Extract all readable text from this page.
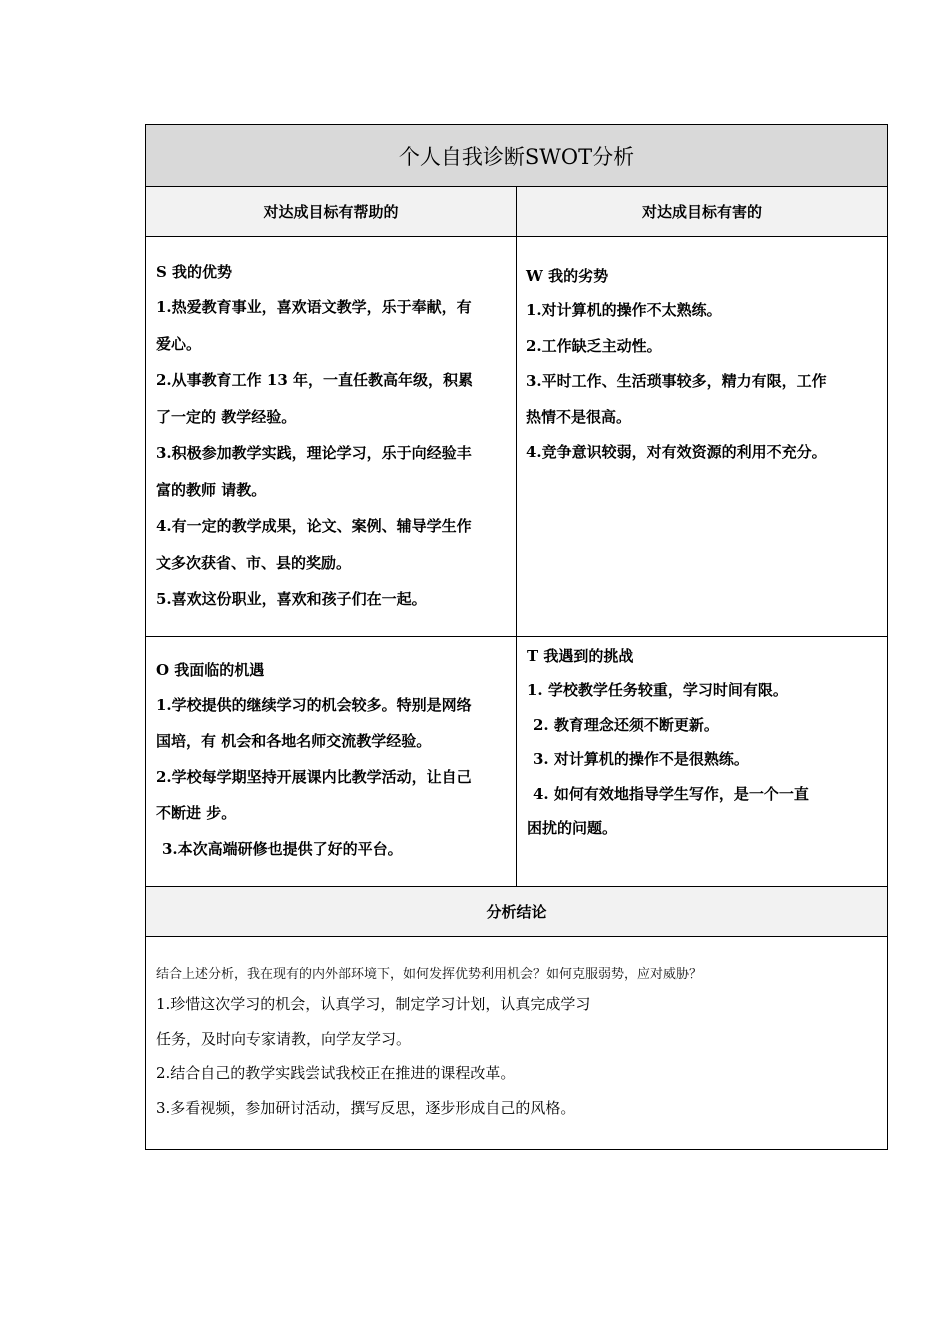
个人自我诊断SWOT分析
对达成目标有帮助的	对达成目标有害的
S 我的优势

1.热爱教育事业，喜欢语文教学，乐于奉献，有

爱心。

2.从事教育工作 13 年，一直任教高年级，积累

了一定的 教学经验。

3.积极参加教学实践，理论学习，乐于向经验丰

富的教师 请教。

4.有一定的教学成果，论文、案例、辅导学生作

文多次获省、市、县的奖励。

5.喜欢这份职业，喜欢和孩子们在一起。

W 我的劣势

1.对计算机的操作不太熟练。

2.工作缺乏主动性。

3.平时工作、生活琐事较多，精力有限，工作

热情不是很高。

4.竞争意识较弱，对有效资源的利用不充分。

O 我面临的机遇

1.学校提供的继续学习的机会较多。特别是网络

国培，有 机会和各地名师交流教学经验。

2.学校每学期坚持开展课内比教学活动，让自己

不断进 步。

3.本次高端研修也提供了好的平台。

T 我遇到的挑战

1. 学校教学任务较重，学习时间有限。

2. 教育理念还须不断更新。

3. 对计算机的操作不是很熟练。

4. 如何有效地指导学生写作，是一个一直

困扰的问题。

分析结论
结合上述分析，我在现有的内外部环境下，如何发挥优势利用机会？如何克服弱势，应对威胁？

1.珍惜这次学习的机会，认真学习，制定学习计划，认真完成学习

任务，及时向专家请教，向学友学习。

2.结合自己的教学实践尝试我校正在推进的课程改革。

3.多看视频，参加研讨活动，撰写反思，逐步形成自己的风格。
